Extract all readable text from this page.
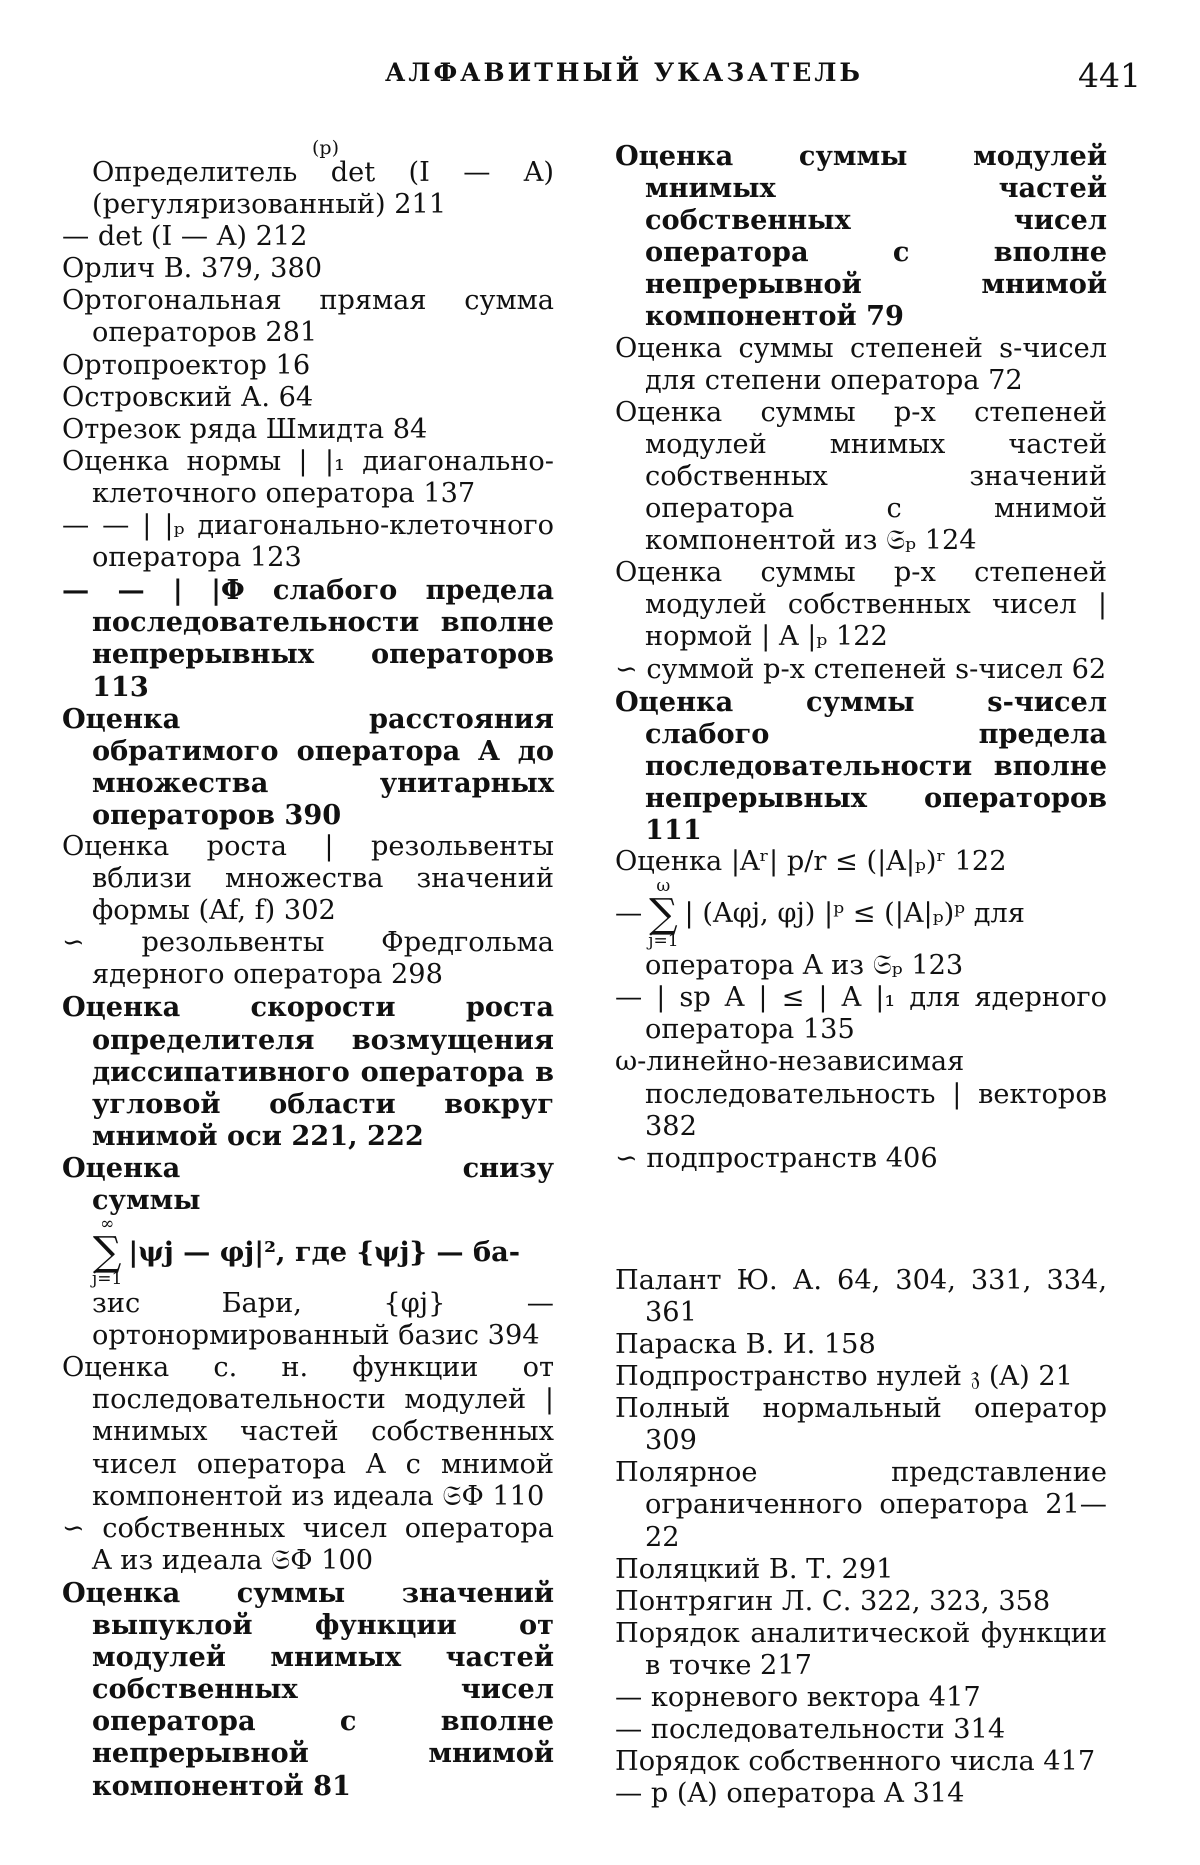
АЛФАВИТНЫЙ УКАЗАТЕЛЬ	441

(p)
Определитель det (I — A) (регуляризованный) 211

— det (I — A) 212

Орлич В. 379, 380

Ортогональная прямая сумма операторов 281

Ортопроектор 16

Островский А. 64

Отрезок ряда Шмидта 84

Оценка нормы | |₁ диагонально-клеточного оператора 137

— — | |ₚ диагонально-клеточного оператора 123

— — | |Φ слабого предела последовательности вполне непрерывных операторов 113

Оценка расстояния обратимого оператора A до множества унитарных операторов 390

Оценка роста | резольвенты вблизи множества значений формы (Af, f) 302

∽ резольвенты Фредгольма ядерного оператора 298

Оценка скорости роста определителя возмущения диссипативного оператора в угловой области вокруг мнимой оси 221, 222

Оценка снизу суммы

∞
∑
j=1
|ψj — φj|², где {ψj} — ба-

зис Бари, {φj} — ортонормированный базис 394

Оценка с. н. функции от последовательности модулей | мнимых частей собственных чисел оператора A с мнимой компонентой из идеала 𝔖Φ 110

∽ собственных чисел оператора A из идеала 𝔖Φ 100

Оценка суммы значений выпуклой функции от модулей мнимых частей собственных чисел оператора с вполне непрерывной мнимой компонентой 81

Оценка суммы модулей мнимых частей собственных чисел оператора с вполне непрерывной мнимой компонентой 79

Оценка суммы степеней s-чисел для степени оператора 72

Оценка суммы p-х степеней модулей мнимых частей собственных значений оператора с мнимой компонентой из 𝔖ₚ 124

Оценка суммы p-х степеней модулей собственных чисел | нормой | A |ₚ 122

∽ суммой p-х степеней s-чисел 62

Оценка суммы s-чисел слабого предела последовательности вполне непрерывных операторов 111

Оценка |Aʳ| p/r ≤ (|A|ₚ)ʳ 122

—
ω
∑
j=1
| (Aφj, φj) |ᵖ ≤ (|A|ₚ)ᵖ для

оператора A из 𝔖ₚ 123

— | sp A | ≤ | A |₁ для ядерного оператора 135

ω-линейно-независимая последовательность | векторов 382

∽ подпространств 406

Палант Ю. А. 64, 304, 331, 334, 361

Параска В. И. 158

Подпространство нулей 𝔷 (A) 21

Полный нормальный оператор 309

Полярное представление ограниченного оператора 21—22

Поляцкий В. Т. 291

Понтрягин Л. С. 322, 323, 358

Порядок аналитической функции в точке 217

— корневого вектора 417

— последовательности 314

Порядок собственного числа 417

— p (A) оператора A 314
